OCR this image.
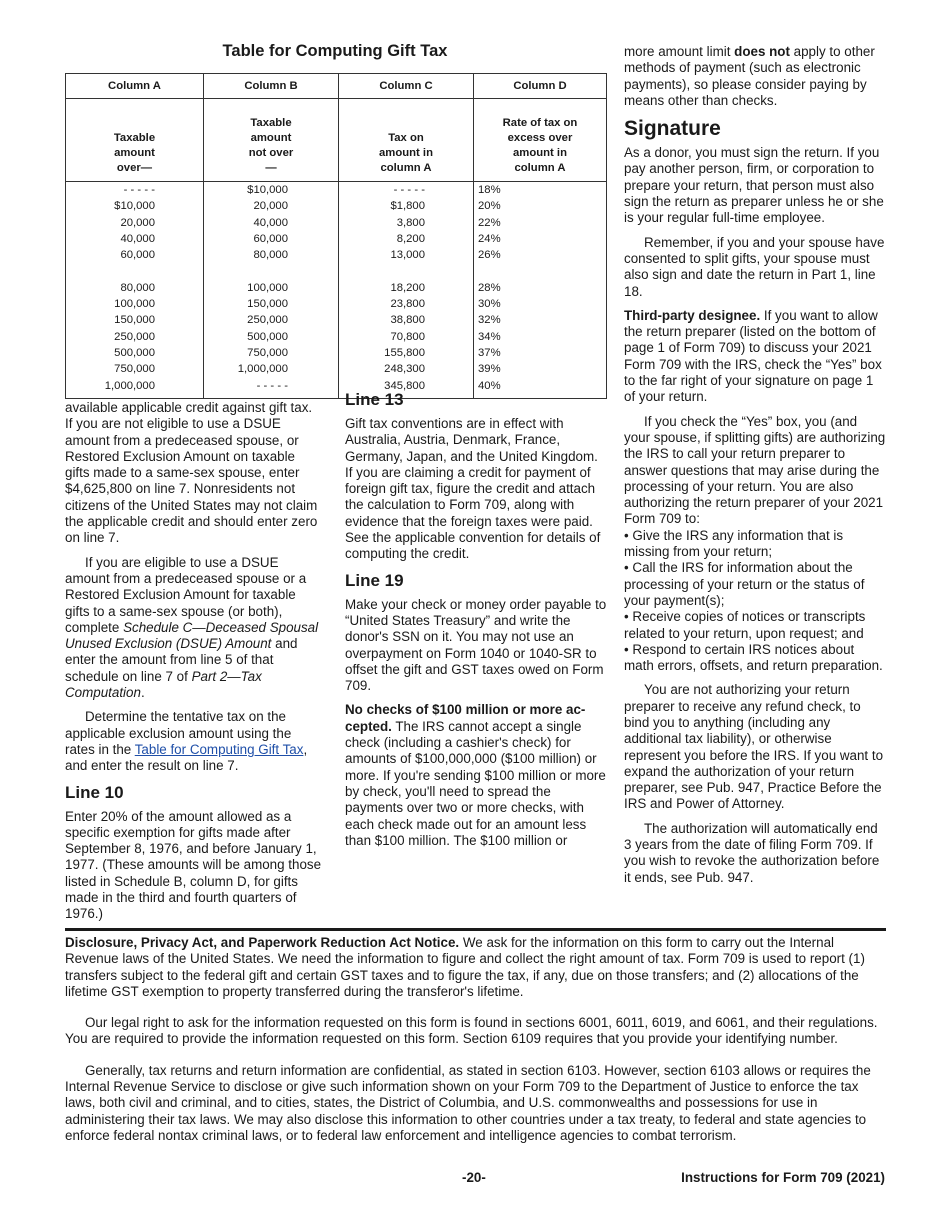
Table for Computing Gift Tax
Column A	Column B	Column C	Column D
Taxable amount over—	Taxable amount not over—	Tax on amount in column A	Rate of tax on excess over amount in column A
- - - - -	$10,000	- - - - -	18%
$10,000	20,000	$1,800	20%
20,000	40,000	3,800	22%
40,000	60,000	8,200	24%
60,000	80,000	13,000	26%

80,000	100,000	18,200	28%
100,000	150,000	23,800	30%
150,000	250,000	38,800	32%
250,000	500,000	70,800	34%
500,000	750,000	155,800	37%
750,000	1,000,000	248,300	39%
1,000,000	- - - - -	345,800	40%

available applicable credit against gift tax. If you are not eligible to use a DSUE amount from a predeceased spouse, or Restored Exclusion Amount on taxable gifts made to a same-sex spouse, enter $4,625,800 on line 7. Nonresidents not citizens of the United States may not claim the applicable credit and should enter zero on line 7.

If you are eligible to use a DSUE amount from a predeceased spouse or a Restored Exclusion Amount for taxable gifts to a same-sex spouse (or both), complete Schedule C—Deceased Spousal Unused Exclusion (DSUE) Amount and enter the amount from line 5 of that schedule on line 7 of Part 2—Tax Computation.

Determine the tentative tax on the applicable exclusion amount using the rates in the Table for Computing Gift Tax, and enter the result on line 7.

Line 10

Enter 20% of the amount allowed as a specific exemption for gifts made after September 8, 1976, and before January 1, 1977. (These amounts will be among those listed in Schedule B, column D, for gifts made in the third and fourth quarters of 1976.)

Line 13

Gift tax conventions are in effect with Australia, Austria, Denmark, France, Germany, Japan, and the United Kingdom. If you are claiming a credit for payment of foreign gift tax, figure the credit and attach the calculation to Form 709, along with evidence that the foreign taxes were paid. See the applicable convention for details of computing the credit.

Line 19

Make your check or money order payable to “United States Treasury” and write the donor's SSN on it. You may not use an overpayment on Form 1040 or 1040-SR to offset the gift and GST taxes owed on Form 709.

No checks of $100 million or more accepted. The IRS cannot accept a single check (including a cashier's check) for amounts of $100,000,000 ($100 million) or more. If you're sending $100 million or more by check, you'll need to spread the payments over two or more checks, with each check made out for an amount less than $100 million. The $100 million or

more amount limit does not apply to other methods of payment (such as electronic payments), so please consider paying by means other than checks.

Signature

As a donor, you must sign the return. If you pay another person, firm, or corporation to prepare your return, that person must also sign the return as preparer unless he or she is your regular full-time employee.

Remember, if you and your spouse have consented to split gifts, your spouse must also sign and date the return in Part 1, line 18.

Third-party designee. If you want to allow the return preparer (listed on the bottom of page 1 of Form 709) to discuss your 2021 Form 709 with the IRS, check the “Yes” box to the far right of your signature on page 1 of your return.

If you check the “Yes” box, you (and your spouse, if splitting gifts) are authorizing the IRS to call your return preparer to answer questions that may arise during the processing of your return. You are also authorizing the return preparer of your 2021 Form 709 to:

• Give the IRS any information that is missing from your return;

• Call the IRS for information about the processing of your return or the status of your payment(s);

• Receive copies of notices or transcripts related to your return, upon request; and

• Respond to certain IRS notices about math errors, offsets, and return preparation.

You are not authorizing your return preparer to receive any refund check, to bind you to anything (including any additional tax liability), or otherwise represent you before the IRS. If you want to expand the authorization of your return preparer, see Pub. 947, Practice Before the IRS and Power of Attorney.

The authorization will automatically end 3 years from the date of filing Form 709. If you wish to revoke the authorization before it ends, see Pub. 947.

Disclosure, Privacy Act, and Paperwork Reduction Act Notice. We ask for the information on this form to carry out the Internal Revenue laws of the United States. We need the information to figure and collect the right amount of tax. Form 709 is used to report (1) transfers subject to the federal gift and certain GST taxes and to figure the tax, if any, due on those transfers; and (2) allocations of the lifetime GST exemption to property transferred during the transferor's lifetime.

Our legal right to ask for the information requested on this form is found in sections 6001, 6011, 6019, and 6061, and their regulations. You are required to provide the information requested on this form. Section 6109 requires that you provide your identifying number.

Generally, tax returns and return information are confidential, as stated in section 6103. However, section 6103 allows or requires the Internal Revenue Service to disclose or give such information shown on your Form 709 to the Department of Justice to enforce the tax laws, both civil and criminal, and to cities, states, the District of Columbia, and U.S. commonwealths and possessions for use in administering their tax laws. We may also disclose this information to other countries under a tax treaty, to federal and state agencies to enforce federal nontax criminal laws, or to federal law enforcement and intelligence agencies to combat terrorism.

-20-	Instructions for Form 709 (2021)
